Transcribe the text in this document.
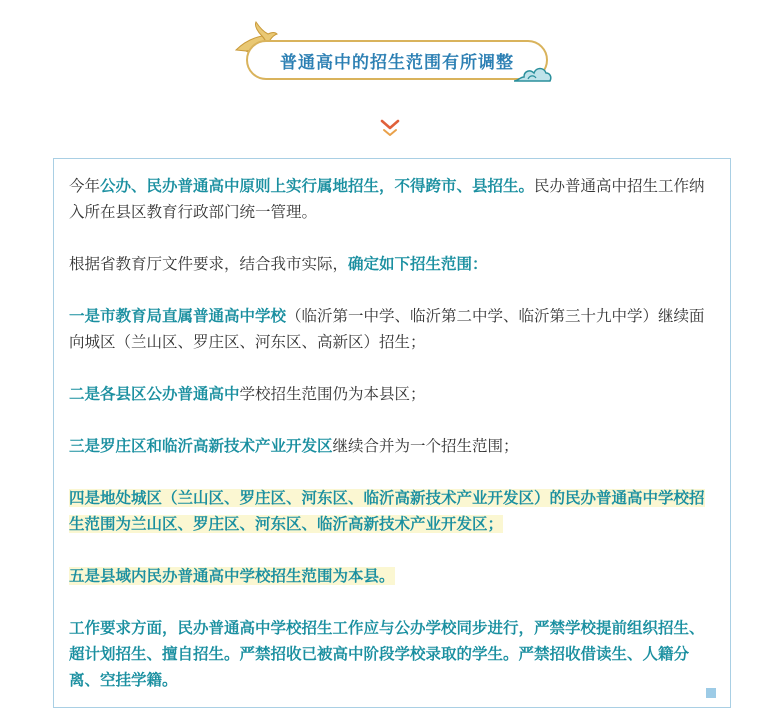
普通高中的招生范围有所调整

今年公办、民办普通高中原则上实行属地招生，不得跨市、县招生。民办普通高中招生工作纳入所在县区教育行政部门统一管理。

根据省教育厅文件要求，结合我市实际，确定如下招生范围：

一是市教育局直属普通高中学校（临沂第一中学、临沂第二中学、临沂第三十九中学）继续面向城区（兰山区、罗庄区、河东区、高新区）招生；

二是各县区公办普通高中学校招生范围仍为本县区；

三是罗庄区和临沂高新技术产业开发区继续合并为一个招生范围；

四是地处城区（兰山区、罗庄区、河东区、临沂高新技术产业开发区）的民办普通高中学校招生范围为兰山区、罗庄区、河东区、临沂高新技术产业开发区；

五是县域内民办普通高中学校招生范围为本县。

工作要求方面，民办普通高中学校招生工作应与公办学校同步进行，严禁学校提前组织招生、超计划招生、擅自招生。严禁招收已被高中阶段学校录取的学生。严禁招收借读生、人籍分离、空挂学籍。
